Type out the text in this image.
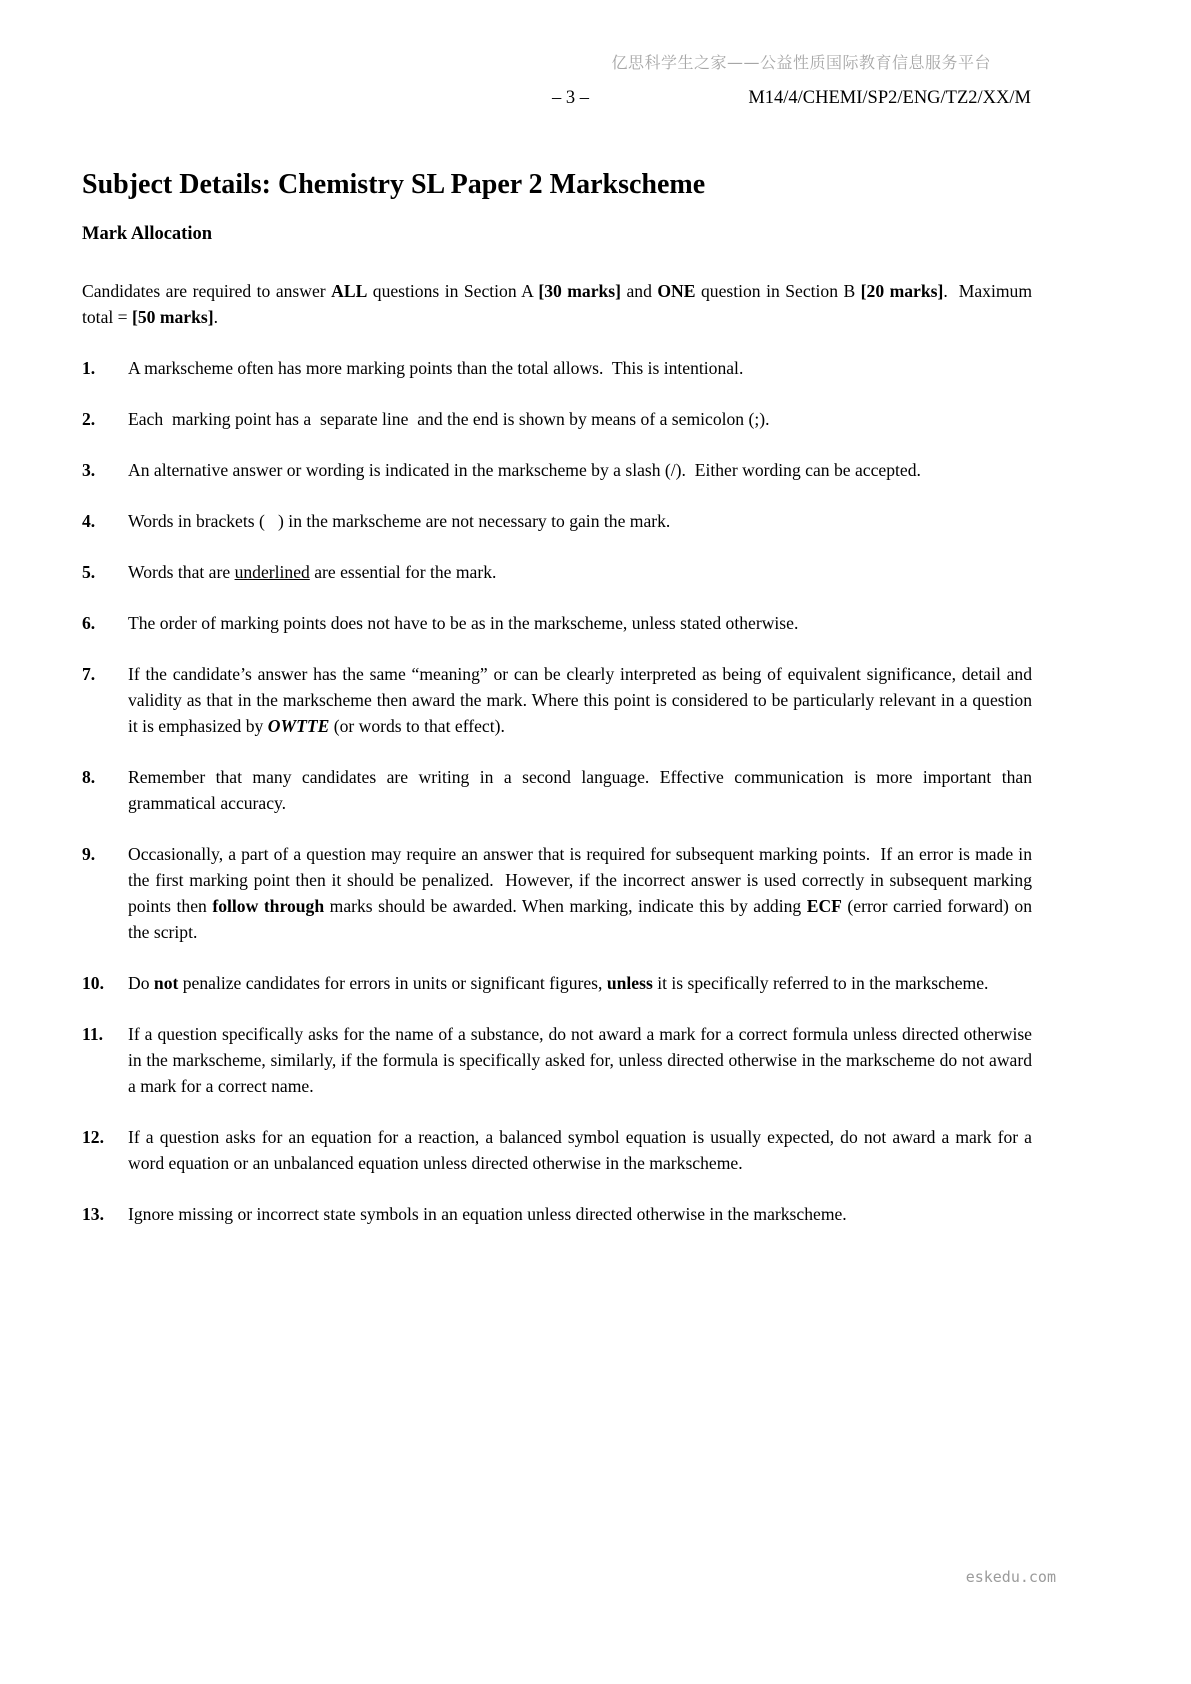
亿思科学生之家——公益性质国际教育信息服务平台
– 3 –	M14/4/CHEMI/SP2/ENG/TZ2/XX/M
Subject Details: Chemistry SL Paper 2 Markscheme
Mark Allocation

Candidates are required to answer ALL questions in Section A [30 marks] and ONE question in Section B [20 marks].  Maximum total = [50 marks].

1. A markscheme often has more marking points than the total allows.  This is intentional.
2. Each  marking point has a  separate line  and the end is shown by means of a semicolon (;).
3. An alternative answer or wording is indicated in the markscheme by a slash (/).  Either wording can be accepted.
4. Words in brackets (   ) in the markscheme are not necessary to gain the mark.
5. Words that are underlined are essential for the mark.
6. The order of marking points does not have to be as in the markscheme, unless stated otherwise.
7. If the candidate’s answer has the same “meaning” or can be clearly interpreted as being of equivalent significance, detail and validity as that in the markscheme then award the mark. Where this point is considered to be particularly relevant in a question it is emphasized by OWTTE (or words to that effect).
8. Remember that many candidates are writing in a second language. Effective communication is more important than grammatical accuracy.
9. Occasionally, a part of a question may require an answer that is required for subsequent marking points.  If an error is made in the first marking point then it should be penalized.  However, if the incorrect answer is used correctly in subsequent marking points then follow through marks should be awarded. When marking, indicate this by adding ECF (error carried forward) on the script.
10. Do not penalize candidates for errors in units or significant figures, unless it is specifically referred to in the markscheme.
11. If a question specifically asks for the name of a substance, do not award a mark for a correct formula unless directed otherwise in the markscheme, similarly, if the formula is specifically asked for, unless directed otherwise in the markscheme do not award a mark for a correct name.
12. If a question asks for an equation for a reaction, a balanced symbol equation is usually expected, do not award a mark for a word equation or an unbalanced equation unless directed otherwise in the markscheme.
13. Ignore missing or incorrect state symbols in an equation unless directed otherwise in the markscheme.
eskedu.com
